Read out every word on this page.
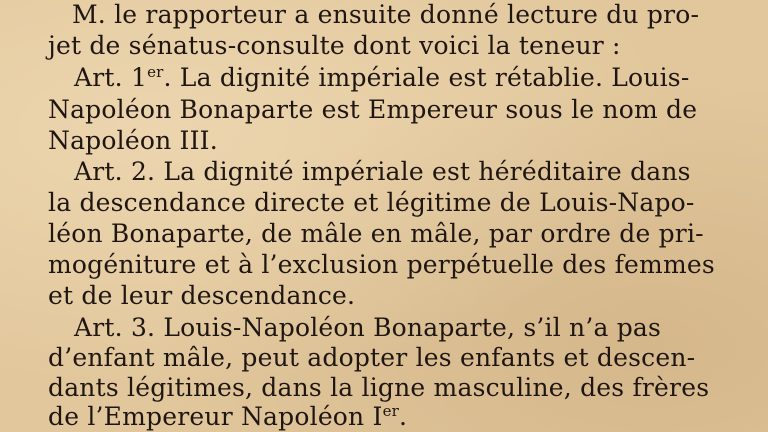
M. le rapporteur a ensuite donné lecture du pro-
jet de sénatus-consulte dont voici la teneur :
Art. 1er. La dignité impériale est rétablie. Louis-
Napoléon Bonaparte est Empereur sous le nom de
Napoléon III.
Art. 2. La dignité impériale est héréditaire dans
la descendance directe et légitime de Louis-Napo-
léon Bonaparte, de mâle en mâle, par ordre de pri-
mogéniture et à l’exclusion perpétuelle des femmes
et de leur descendance.
Art. 3. Louis-Napoléon Bonaparte, s’il n’a pas
d’enfant mâle, peut adopter les enfants et descen-
dants légitimes, dans la ligne masculine, des frères
de l’Empereur Napoléon Ier.
